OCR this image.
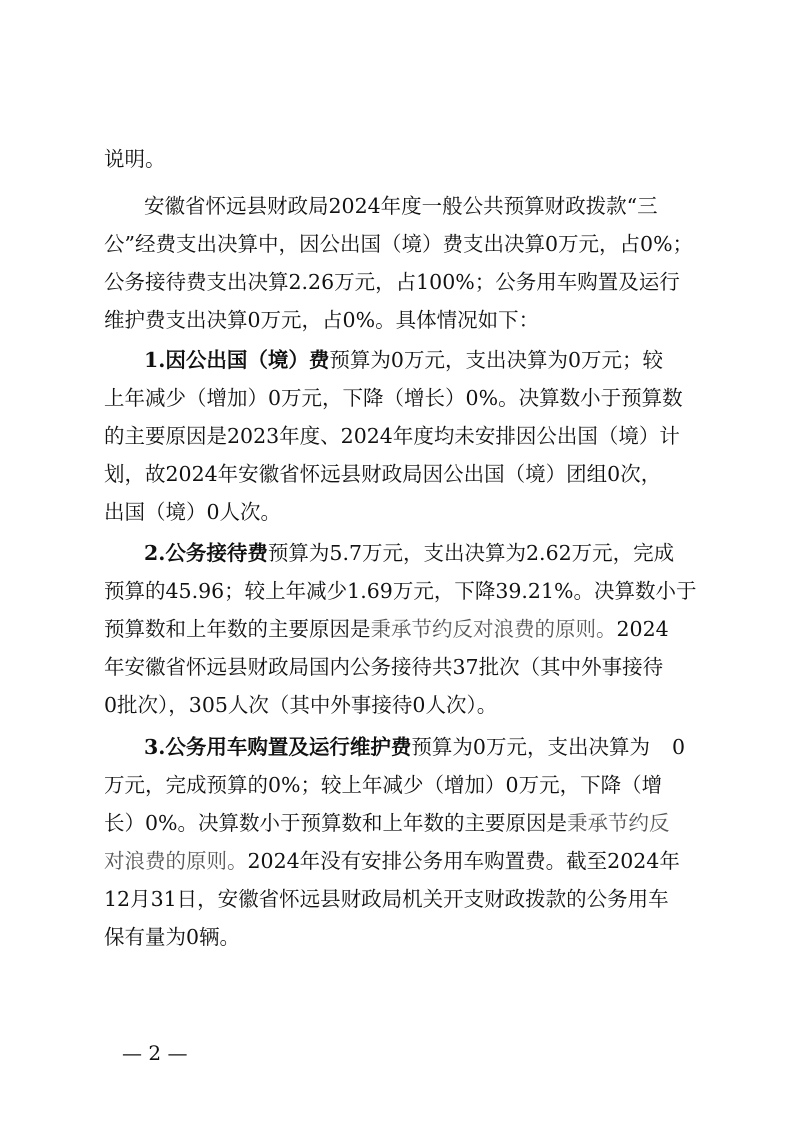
说明。
安徽省怀远县财政局2024年度一般公共预算财政拨款“三
公”经费支出决算中，因公出国（境）费支出决算0万元，占0%；
公务接待费支出决算2.26万元，占100%；公务用车购置及运行
维护费支出决算0万元，占0%。具体情况如下：
1.因公出国（境）费预算为0万元，支出决算为0万元；较
上年减少（增加）0万元，下降（增长）0%。决算数小于预算数
的主要原因是2023年度、2024年度均未安排因公出国（境）计
划，故2024年安徽省怀远县财政局因公出国（境）团组0次，
出国（境）0人次。
2.公务接待费预算为5.7万元，支出决算为2.62万元，完成
预算的45.96；较上年减少1.69万元，下降39.21%。决算数小于
预算数和上年数的主要原因是秉承节约反对浪费的原则。2024
年安徽省怀远县财政局国内公务接待共37批次（其中外事接待
0批次），305人次（其中外事接待0人次）。
3.公务用车购置及运行维护费预算为0万元，支出决算为 0
万元，完成预算的0%；较上年减少（增加）0万元，下降（增
长）0%。决算数小于预算数和上年数的主要原因是秉承节约反
对浪费的原则。2024年没有安排公务用车购置费。截至2024年
12月31日，安徽省怀远县财政局机关开支财政拨款的公务用车
保有量为0辆。
— 2 —
